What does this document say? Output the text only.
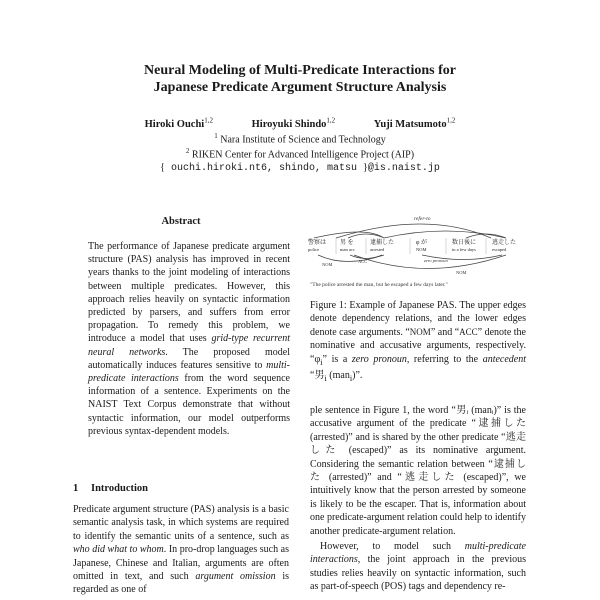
Neural Modeling of Multi-Predicate Interactions for
Japanese Predicate Argument Structure Analysis
Hiroki Ouchi$^{1,2}$	Hiroyuki Shindo$^{1,2}$	Yuji Matsumoto$^{1,2}$
$^1$ Nara Institute of Science and Technology
$^2$ RIKEN Center for Advanced Intelligence Project (AIP)
{ ouchi.hiroki.nt6, shindo, matsu }@is.naist.jp
Abstract
The performance of Japanese predicate argument structure (PAS) analysis has improved in recent years thanks to the joint modeling of interactions between multiple predicates. However, this approach relies heavily on syntactic information predicted by parsers, and suffers from error propagation. To remedy this problem, we introduce a model that uses grid-type recurrent neural networks. The proposed model automatically induces features sensitive to multi-predicate interactions from the word sequence information of a sentence. Experiments on the NAIST Text Corpus demonstrate that without syntactic information, our model outperforms previous syntax-dependent models.
1 Introduction
Predicate argument structure (PAS) analysis is a basic semantic analysis task, in which systems are required to identify the semantic units of a sentence, such as who did what to whom. In pro-drop languages such as Japanese, Chinese and Italian, arguments are often omitted in text, and such argument omission is regarded as one of
refer-to
警察は
police
男 を
man acc
逮捕した
arrested
φ が
NOM
数日後に
in a few days
逃走した
escaped
NOM
ACC	zero pronoun
NOM
"The police arrested the man, but he escaped a few days later."
Figure 1: Example of Japanese PAS. The upper edges denote dependency relations, and the lower edges denote case arguments. “NOM” and “ACC” denote the nominative and accusative arguments, respectively. “$\varphi_i$” is a zero pronoun, referring to the antecedent “男$_i$ (man$_i$)”.

ple sentence in Figure 1, the word “男ᵢ (manᵢ)” is the accusative argument of the predicate “逮捕した (arrested)” and is shared by the other predicate “逃走した (escaped)” as its nominative argument. Considering the semantic relation between “逮捕した (arrested)” and “逃走した (escaped)”, we intuitively know that the person arrested by someone is likely to be the escaper. That is, information about one predicate-argument relation could help to identify another predicate-argument relation.

However, to model such multi-predicate interactions, the joint approach in the previous studies relies heavily on syntactic information, such as part-of-speech (POS) tags and dependency re-
